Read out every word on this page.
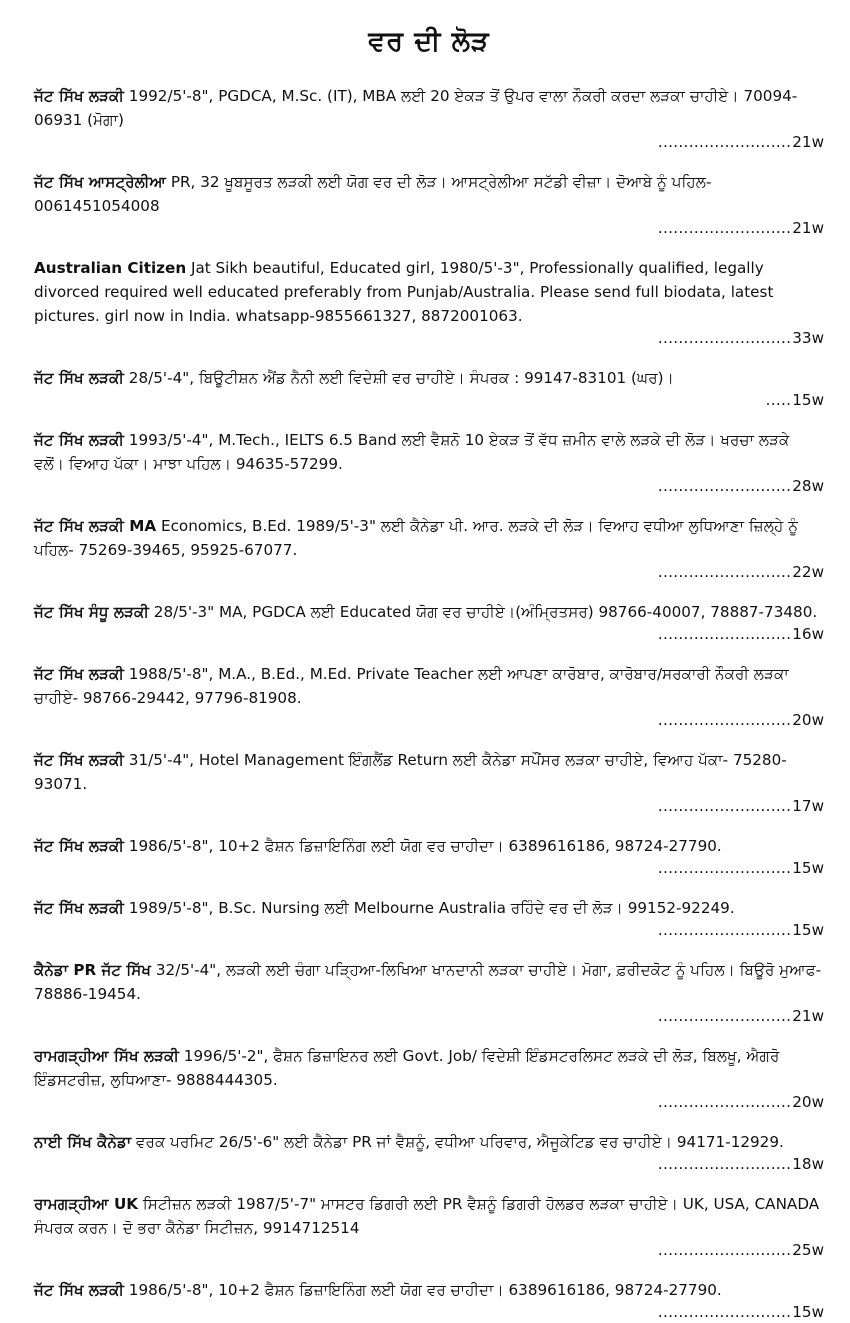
ਵਰ ਦੀ ਲੋੜ
ਜੱਟ ਸਿੱਖ ਲੜਕੀ 1992/5'-8", PGDCA, M.Sc. (IT), MBA ਲਈ 20 ਏਕੜ ਤੋਂ ਉਪਰ ਵਾਲਾ ਨੌਕਰੀ ਕਰਦਾ ਲੜਕਾ ਚਾਹੀਏ। 70094-06931 (ਮੋਗਾ)
..........................21w
ਜੱਟ ਸਿੱਖ ਆਸਟ੍ਰੇਲੀਆ PR, 32 ਖੂਬਸੂਰਤ ਲੜਕੀ ਲਈ ਯੋਗ ਵਰ ਦੀ ਲੋੜ। ਆਸਟ੍ਰੇਲੀਆ ਸਟੱਡੀ ਵੀਜ਼ਾ। ਦੋਆਬੇ ਨੂੰ ਪਹਿਲ- 0061451054008
..........................21w
Australian Citizen Jat Sikh beautiful, Educated girl, 1980/5'-3", Professionally qualified, legally divorced required well educated preferably from Punjab/Australia. Please send full biodata, latest pictures. girl now in India. whatsapp-9855661327, 8872001063.
..........................33w
ਜੱਟ ਸਿੱਖ ਲੜਕੀ 28/5'-4", ਬਿਊਟੀਸ਼ਨ ਐਂਡ ਨੈਨੀ ਲਈ ਵਿਦੇਸ਼ੀ ਵਰ ਚਾਹੀਏ। ਸੰਪਰਕ : 99147-83101 (ਘਰ)।
.....15w
ਜੱਟ ਸਿੱਖ ਲੜਕੀ 1993/5'-4", M.Tech., IELTS 6.5 Band ਲਈ ਵੈਸ਼ਨੋ 10 ਏਕੜ ਤੋਂ ਵੱਧ ਜ਼ਮੀਨ ਵਾਲੇ ਲੜਕੇ ਦੀ ਲੋੜ। ਖਰਚਾ ਲੜਕੇ ਵਲੋਂ। ਵਿਆਹ ਪੱਕਾ। ਮਾਝਾ ਪਹਿਲ। 94635-57299.
..........................28w
ਜੱਟ ਸਿੱਖ ਲੜਕੀ MA Economics, B.Ed. 1989/5'-3" ਲਈ ਕੈਨੇਡਾ ਪੀ. ਆਰ. ਲੜਕੇ ਦੀ ਲੋੜ। ਵਿਆਹ ਵਧੀਆ ਲੁਧਿਆਣਾ ਜ਼ਿਲ੍ਹੇ ਨੂੰ ਪਹਿਲ- 75269-39465, 95925-67077.
..........................22w
ਜੱਟ ਸਿੱਖ ਸੰਧੂ ਲੜਕੀ 28/5'-3" MA, PGDCA ਲਈ Educated ਯੋਗ ਵਰ ਚਾਹੀਏ।(ਅੰਮ੍ਰਿਤਸਰ) 98766-40007, 78887-73480.
..........................16w
ਜੱਟ ਸਿੱਖ ਲੜਕੀ 1988/5'-8", M.A., B.Ed., M.Ed. Private Teacher ਲਈ ਆਪਣਾ ਕਾਰੋਬਾਰ, ਕਾਰੋਬਾਰ/ਸਰਕਾਰੀ ਨੌਕਰੀ ਲੜਕਾ ਚਾਹੀਏ- 98766-29442, 97796-81908.
..........................20w
ਜੱਟ ਸਿੱਖ ਲੜਕੀ 31/5'-4", Hotel Management ਇੰਗਲੈਂਡ Return ਲਈ ਕੈਨੇਡਾ ਸਪੌਂਸਰ ਲੜਕਾ ਚਾਹੀਏ, ਵਿਆਹ ਪੱਕਾ- 75280-93071.
..........................17w
ਜੱਟ ਸਿੱਖ ਲੜਕੀ 1986/5'-8", 10+2 ਫੈਸ਼ਨ ਡਿਜ਼ਾਇਨਿੰਗ ਲਈ ਯੋਗ ਵਰ ਚਾਹੀਦਾ। 6389616186, 98724-27790.
..........................15w
ਜੱਟ ਸਿੱਖ ਲੜਕੀ 1989/5'-8", B.Sc. Nursing ਲਈ Melbourne Australia ਰਹਿੰਦੇ ਵਰ ਦੀ ਲੋੜ। 99152-92249.
..........................15w
ਕੈਨੇਡਾ PR ਜੱਟ ਸਿੱਖ 32/5'-4", ਲੜਕੀ ਲਈ ਚੰਗਾ ਪੜ੍ਹਿਆ-ਲਿਖਿਆ ਖਾਨਦਾਨੀ ਲੜਕਾ ਚਾਹੀਏ। ਮੋਗਾ, ਫ਼ਰੀਦਕੋਟ ਨੂੰ ਪਹਿਲ। ਬਿਊਰੋ ਮੁਆਫ- 78886-19454.
..........................21w
ਰਾਮਗੜ੍ਹੀਆ ਸਿੱਖ ਲੜਕੀ 1996/5'-2", ਫੈਸ਼ਨ ਡਿਜ਼ਾਇਨਰ ਲਈ Govt. Job/ ਵਿਦੇਸ਼ੀ ਇੰਡਸਟਰਲਿਸਟ ਲੜਕੇ ਦੀ ਲੋੜ, ਬਿਲਖੂ, ਐਗਰੋ ਇੰਡਸਟਰੀਜ਼, ਲੁਧਿਆਣਾ- 9888444305.
..........................20w
ਨਾਈ ਸਿੱਖ ਕੈਨੇਡਾ ਵਰਕ ਪਰਮਿਟ 26/5'-6" ਲਈ ਕੈਨੇਡਾ PR ਜਾਂ ਵੈਸ਼ਨੂੰ, ਵਧੀਆ ਪਰਿਵਾਰ, ਐਜੂਕੇਟਿਡ ਵਰ ਚਾਹੀਏ। 94171-12929.
..........................18w
ਰਾਮਗੜ੍ਹੀਆ UK ਸਿਟੀਜ਼ਨ ਲੜਕੀ 1987/5'-7" ਮਾਸਟਰ ਡਿਗਰੀ ਲਈ PR ਵੈਸ਼ਨੂੰ ਡਿਗਰੀ ਹੋਲਡਰ ਲੜਕਾ ਚਾਹੀਏ। UK, USA, CANADA ਸੰਪਰਕ ਕਰਨ। ਦੋ ਭਰਾ ਕੈਨੇਡਾ ਸਿਟੀਜ਼ਨ, 9914712514
..........................25w
ਜੱਟ ਸਿੱਖ ਲੜਕੀ 1986/5'-8", 10+2 ਫੈਸ਼ਨ ਡਿਜ਼ਾਇਨਿੰਗ ਲਈ ਯੋਗ ਵਰ ਚਾਹੀਦਾ। 6389616186, 98724-27790.
..........................15w
